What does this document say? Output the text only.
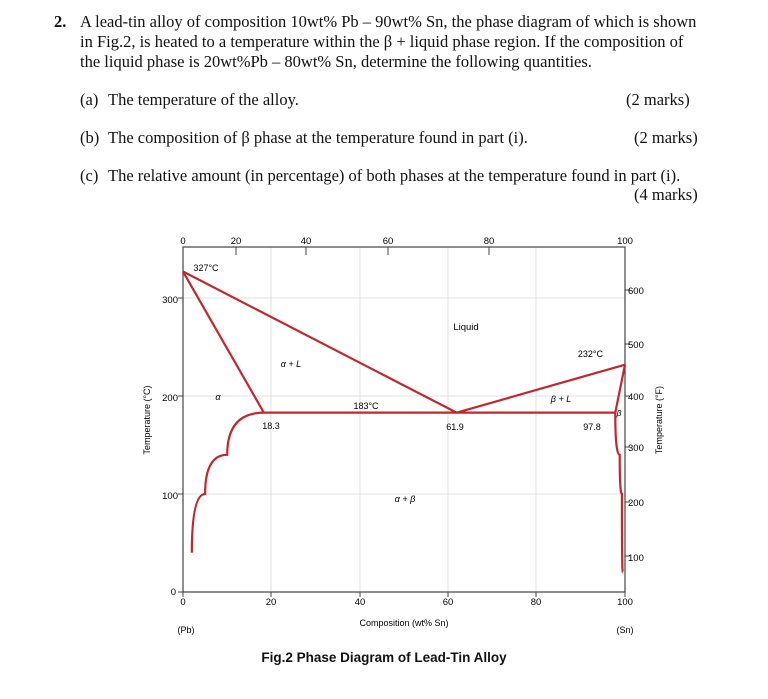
2. A lead-tin alloy of composition 10wt% Pb – 90wt% Sn, the phase diagram of which is shown
in Fig.2, is heated to a temperature within the β + liquid phase region. If the composition of
the liquid phase is 20wt%Pb – 80wt% Sn, determine the following quantities.
(a) The temperature of the alloy.	(2 marks)
(b) The composition of β phase at the temperature found in part (i).	(2 marks)
(c) The relative amount (in percentage) of both phases at the temperature found in part (i).
(4 marks)
0	20	40	60	80	100
0	20	40	60	80	100
(Pb)	(Sn)
Composition (wt% Sn)
0
100
200
300
Temperature (°C)
100
200
300
400
500
600
Temperature (°F)
Liquid
α + L
β + L
α + β
α
β
327°C
232°C
183°C
18.3	61.9	97.8
Fig.2 Phase Diagram of Lead-Tin Alloy
